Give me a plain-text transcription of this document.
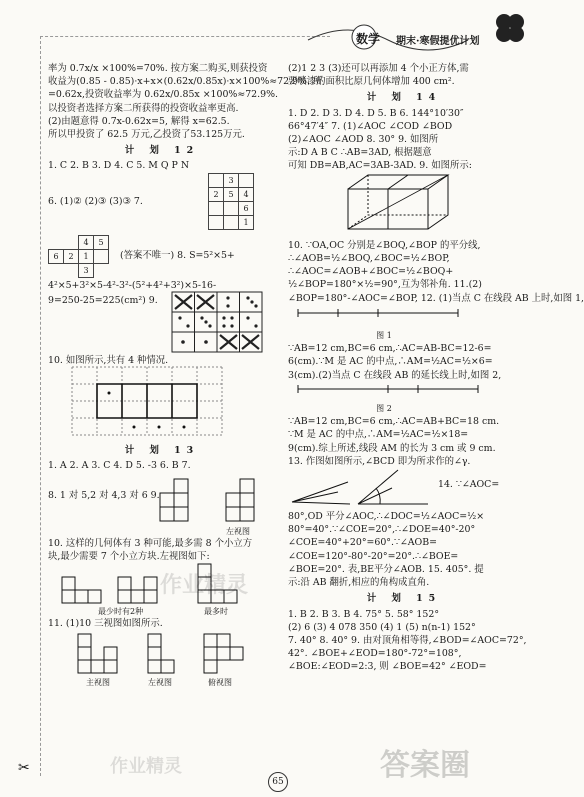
数学 期末·寒假提优计划

率为 0.7x/x ×100%=70%. 按方案二购买,则获投资

收益为(0.85 - 0.85)·x+x×(0.62x/0.85x)·x×100%≈72.9%. 所

=0.62x,投资收益率为 0.62x/0.85x ×100%≈72.9%.

以投资者选择方案二所获得的投资收益率更高.

(2)由题意得 0.7x-0.62x=5, 解得 x=62.5.

所以甲投资了 62.5 万元,乙投资了53.125万元.

计 划 12

1. C 2. B 3. D 4. C 5. M Q P N

	3	
2	5	4
		6
		1

6. (1)② (2)③ (3)③ 7.

		4	5
6	2	1	
		3	

(答案不唯一) 8. S=5²×5+

4²×5+3²×5-4²-3²-(5²+4²+3²)×5-16-

9=250-25=225(cm²) 9.

10. 如图所示,共有 4 种情况.

计 划 13

1. A 2. A 3. C 4. D 5. -3 6. B 7.

8. 1 对 5,2 对 4,3 对 6 9.

左视图

10. 这样的几何体有 3 种可能,最多需 8 个小立方

块,最少需要 7 个小立方块.左视图如下:

最少时有2种	最多时

11. (1)10 三视图如图所示.

主视图	左视图	俯视图

(2)1 2 3 (3)还可以再添加 4 个小正方体,需

要喷漆的面积比原几何体增加 400 cm².

计 划 14

1. D 2. D 3. D 4. D 5. B 6. 144°10′30″

66°47′4″ 7. (1)∠AOC ∠COD ∠BOD

(2)∠AOC ∠AOD 8. 30° 9. 如图所

示:D A B C ∴AB=3AD, 根据题意

可知 DB=AB,AC=3AB-3AD. 9. 如图所示:

10. ∵OA,OC 分别是∠BOQ,∠BOP 的平分线,

∴∠AOB=½∠BOQ,∠BOC=½∠BOP,

∴∠AOC=∠AOB+∠BOC=½∠BOQ+

½∠BOP=180°×½=90°,互为邻补角. 11.(2)

∠BOP=180°-∠AOC=∠BOP, 12. (1)当点 C 在线段 AB 上时,如图 1,

图 1

∵AB=12 cm,BC=6 cm,∴AC=AB-BC=12-6=

6(cm).∵M 是 AC 的中点,∴AM=½AC=½×6=

3(cm).(2)当点 C 在线段 AB 的延长线上时,如图 2,

图 2

∵AB=12 cm,BC=6 cm,∴AC=AB+BC=18 cm.

∵M 是 AC 的中点,∴AM=½AC=½×18=

9(cm).综上所述,线段 AM 的长为 3 cm 或 9 cm.

13. 作图如图所示,∠BCD 即为所求作的∠γ.

14. ∵∠AOC=

80°,OD 平分∠AOC,∴∠DOC=½∠AOC=½×

80°=40°.∵∠COE=20°,∴∠DOE=40°-20°

∠COE=40°+20°=60°.∵∠AOB=

∠COE=120°-80°-20°=20°.∴∠BOE=

∠BOE=20°. 表,BE平分∠AOB. 15. 405°. 提

示:沿 AB 翻折,相应的角构成直角.

计 划 15

1. B 2. B 3. B 4. 75° 5. 58° 152°

(2) 6 (3) 4 078 350 (4) 1 (5) n(n-1) 152°

7. 40° 8. 40° 9. 由对顶角相等得,∠BOD=∠AOC=72°,

42°. ∠BOE+∠EOD=180°-72°=108°,

∠BOE:∠EOD=2:3, 则 ∠BOE=42° ∠EOD=

65
✂
作业精灵
作业精灵	答案圈
